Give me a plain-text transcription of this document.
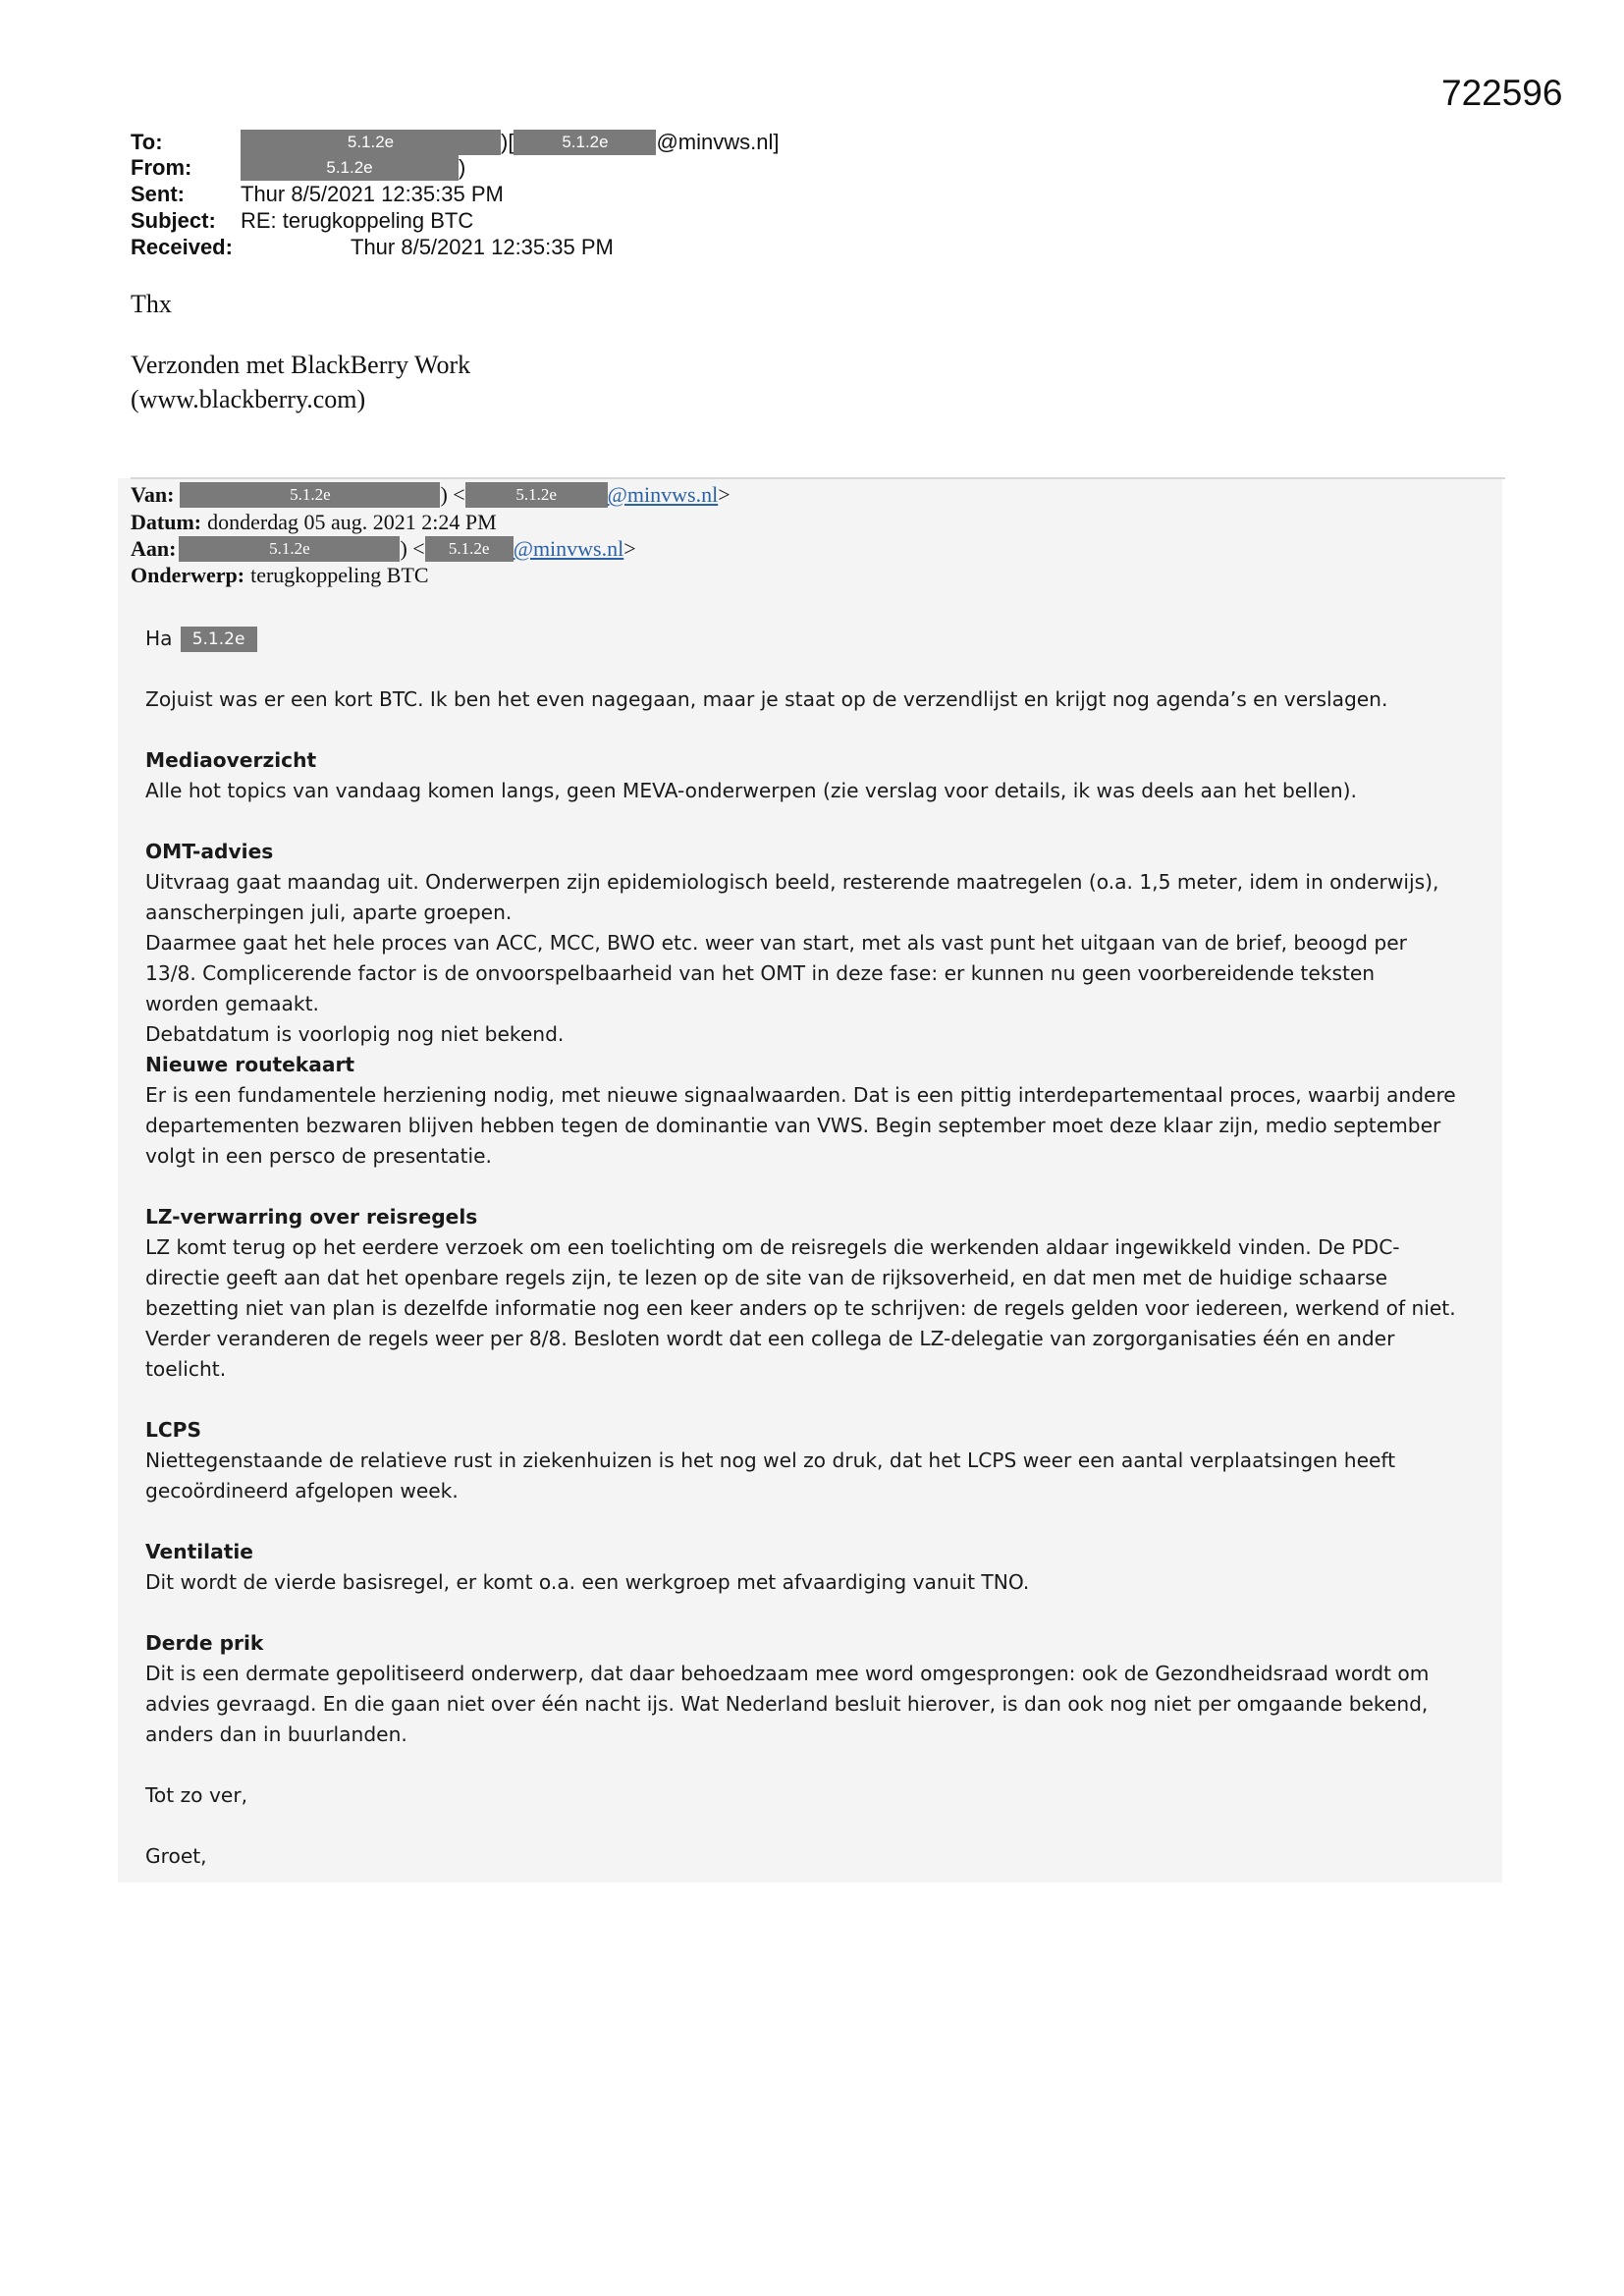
722596
To:	5.1.2e	)[	5.1.2e	@minvws.nl]
From:	5.1.2e	)
Sent:	Thur 8/5/2021 12:35:35 PM
Subject:	RE: terugkoppeling BTC
Received:	Thur 8/5/2021 12:35:35 PM
Thx
Verzonden met BlackBerry Work
(www.blackberry.com)
Van:	5.1.2e	) <	5.1.2e	@minvws.nl >
Datum: donderdag 05 aug. 2021 2:24 PM
Aan:	5.1.2e	) <	5.1.2e	@minvws.nl >
Onderwerp: terugkoppeling BTC

Ha	5.1.2e

Zojuist was er een kort BTC. Ik ben het even nagegaan, maar je staat op de verzendlijst en krijgt nog agenda’s en verslagen.

Mediaoverzicht

Alle hot topics van vandaag komen langs, geen MEVA-onderwerpen (zie verslag voor details, ik was deels aan het bellen).

OMT-advies

Uitvraag gaat maandag uit. Onderwerpen zijn epidemiologisch beeld, resterende maatregelen (o.a. 1,5 meter, idem in onderwijs),

aanscherpingen juli, aparte groepen.

Daarmee gaat het hele proces van ACC, MCC, BWO etc. weer van start, met als vast punt het uitgaan van de brief, beoogd per

13/8. Complicerende factor is de onvoorspelbaarheid van het OMT in deze fase: er kunnen nu geen voorbereidende teksten

worden gemaakt.

Debatdatum is voorlopig nog niet bekend.

Nieuwe routekaart

Er is een fundamentele herziening nodig, met nieuwe signaalwaarden. Dat is een pittig interdepartementaal proces, waarbij andere

departementen bezwaren blijven hebben tegen de dominantie van VWS. Begin september moet deze klaar zijn, medio september

volgt in een persco de presentatie.

LZ-verwarring over reisregels

LZ komt terug op het eerdere verzoek om een toelichting om de reisregels die werkenden aldaar ingewikkeld vinden. De PDC-

directie geeft aan dat het openbare regels zijn, te lezen op de site van de rijksoverheid, en dat men met de huidige schaarse

bezetting niet van plan is dezelfde informatie nog een keer anders op te schrijven: de regels gelden voor iedereen, werkend of niet.

Verder veranderen de regels weer per 8/8. Besloten wordt dat een collega de LZ-delegatie van zorgorganisaties één en ander

toelicht.

LCPS

Niettegenstaande de relatieve rust in ziekenhuizen is het nog wel zo druk, dat het LCPS weer een aantal verplaatsingen heeft

gecoördineerd afgelopen week.

Ventilatie

Dit wordt de vierde basisregel, er komt o.a. een werkgroep met afvaardiging vanuit TNO.

Derde prik

Dit is een dermate gepolitiseerd onderwerp, dat daar behoedzaam mee word omgesprongen: ook de Gezondheidsraad wordt om

advies gevraagd. En die gaan niet over één nacht ijs. Wat Nederland besluit hierover, is dan ook nog niet per omgaande bekend,

anders dan in buurlanden.

Tot zo ver,

Groet,
